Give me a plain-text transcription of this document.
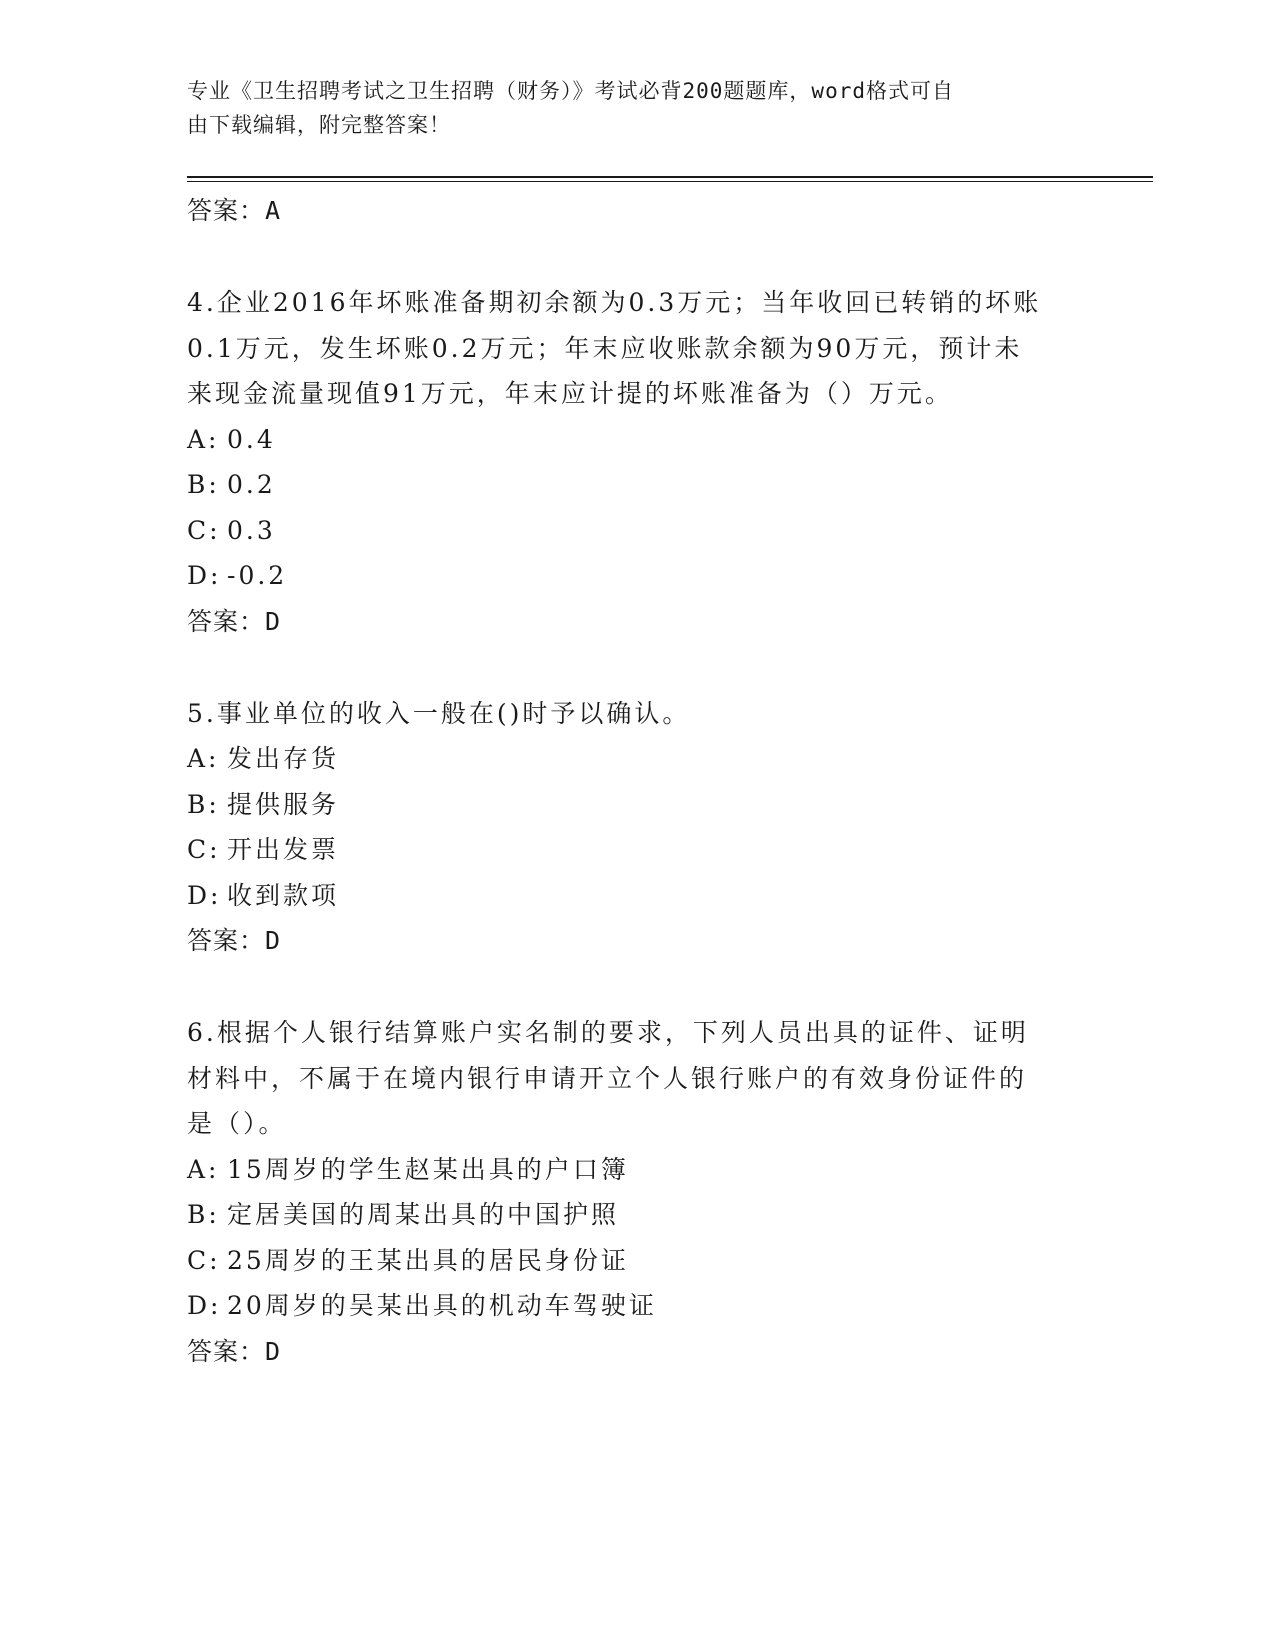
专业《卫生招聘考试之卫生招聘（财务）》考试必背200题题库，word格式可自
由下载编辑，附完整答案！
答案：A
4.企业2016年坏账准备期初余额为0.3万元；当年收回已转销的坏账
0.1万元，发生坏账0.2万元；年末应收账款余额为90万元，预计未
来现金流量现值91万元，年末应计提的坏账准备为（）万元。
A: 0.4
B: 0.2
C: 0.3
D: -0.2
答案：D
5.事业单位的收入一般在()时予以确认。
A: 发出存货
B: 提供服务
C: 开出发票
D: 收到款项
答案：D
6.根据个人银行结算账户实名制的要求，下列人员出具的证件、证明
材料中，不属于在境内银行申请开立个人银行账户的有效身份证件的
是（）。
A: 15周岁的学生赵某出具的户口簿
B: 定居美国的周某出具的中国护照
C: 25周岁的王某出具的居民身份证
D: 20周岁的吴某出具的机动车驾驶证
答案：D
